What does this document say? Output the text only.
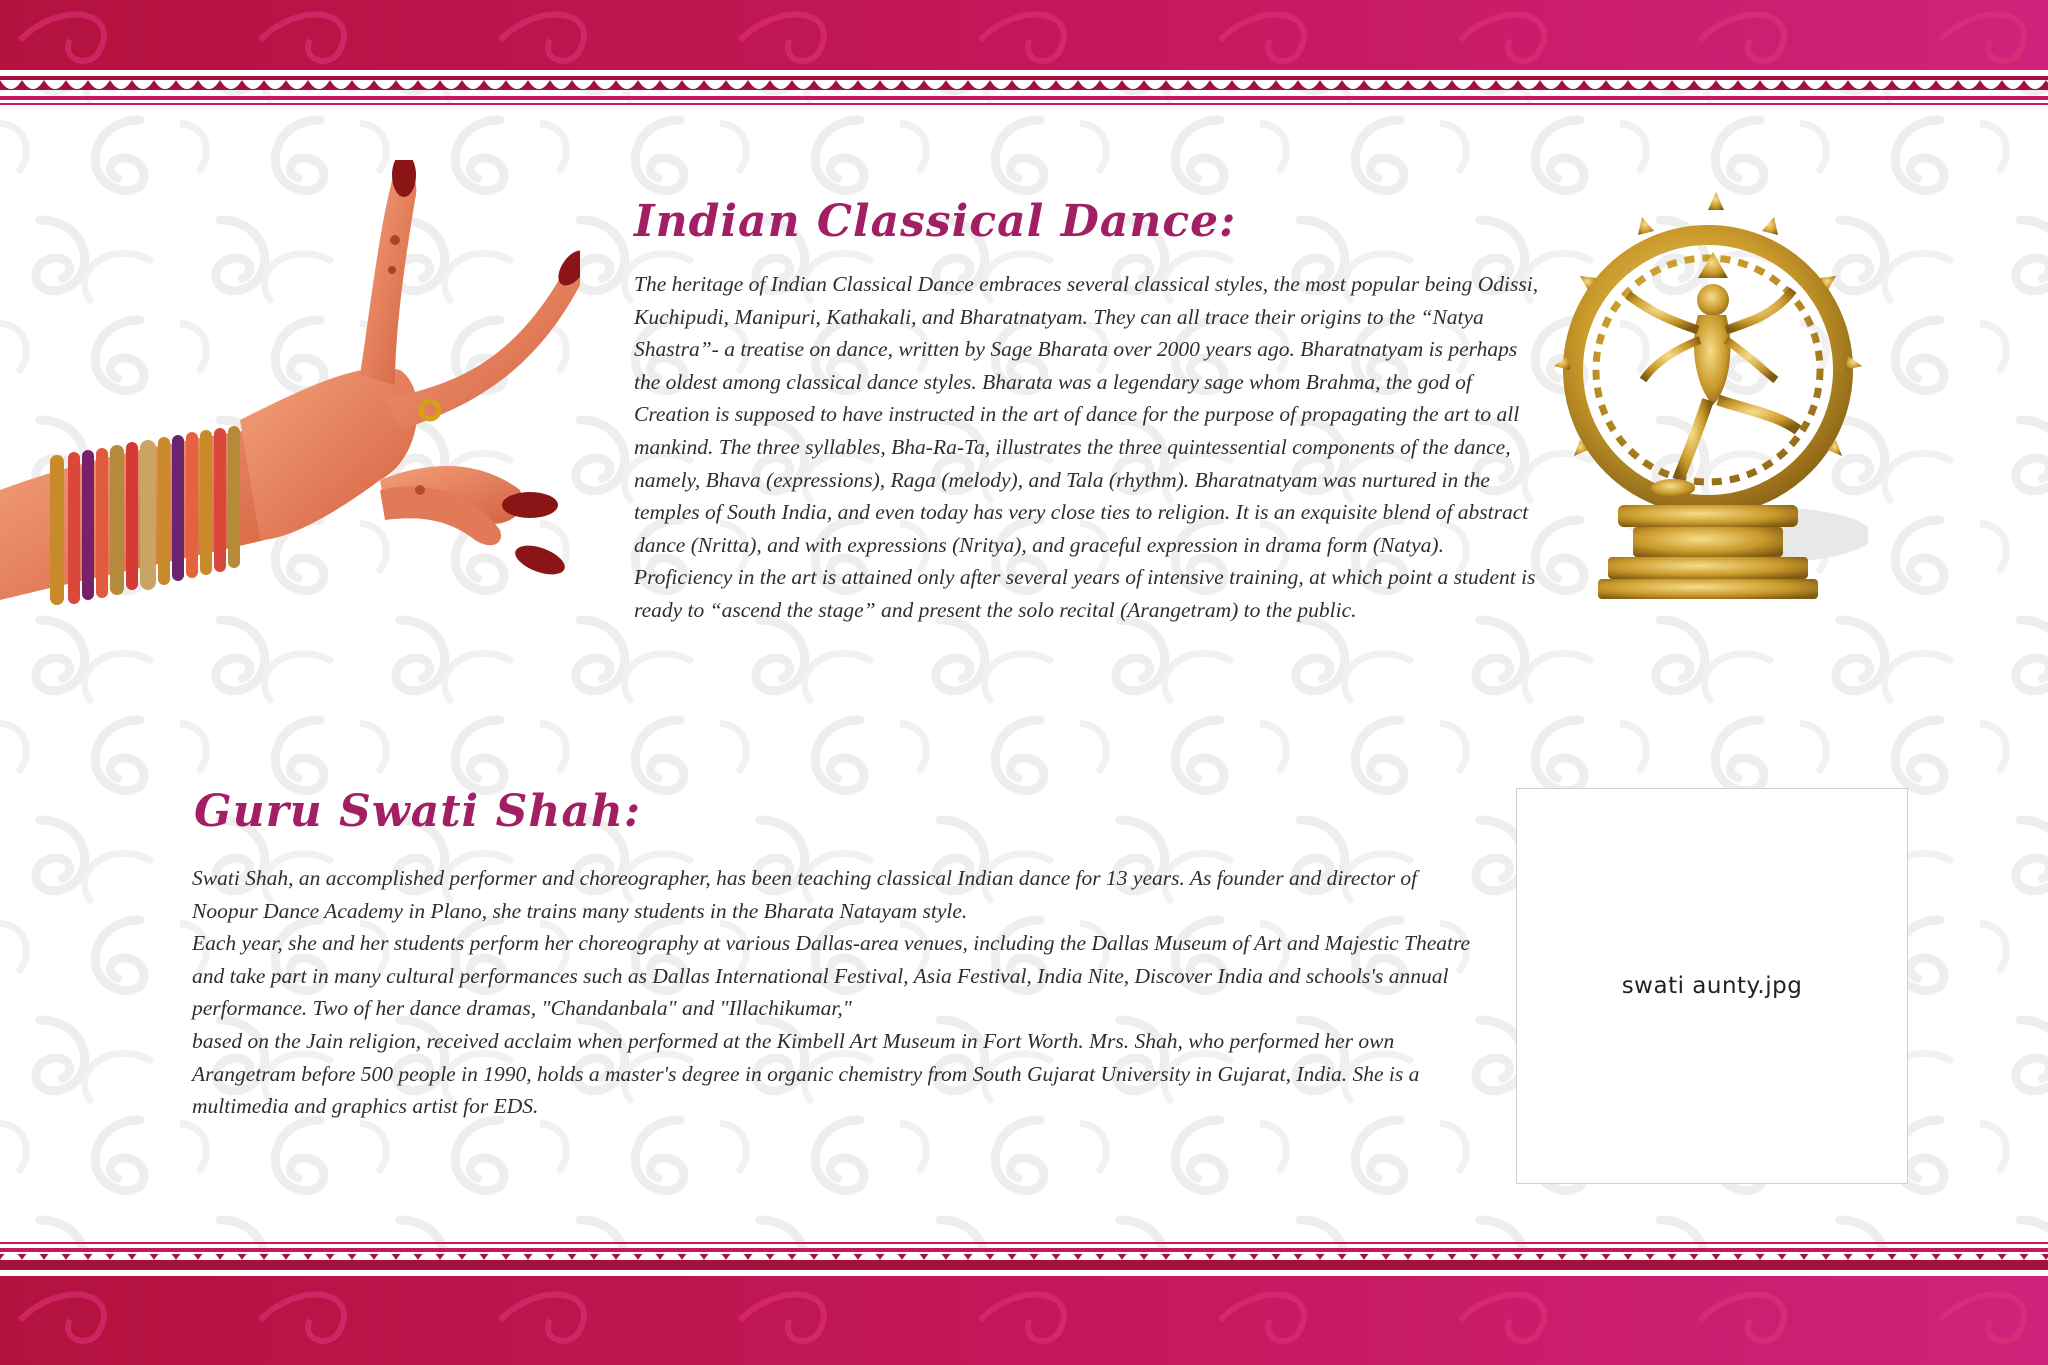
Indian Classical Dance:
The heritage of Indian Classical Dance embraces several classical styles, the most popular being Odissi, Kuchipudi, Manipuri, Kathakali, and Bharatnatyam. They can all trace their origins to the “Natya Shastra”- a treatise on dance, written by Sage Bharata over 2000 years ago. Bharatnatyam is perhaps the oldest among classical dance styles. Bharata was a legendary sage whom Brahma, the god of Creation is supposed to have instructed in the art of dance for the purpose of propagating the art to all mankind. The three syllables, Bha-Ra-Ta, illustrates the three quintessential components of the dance, namely, Bhava (expressions), Raga (melody), and Tala (rhythm). Bharatnatyam was nurtured in the temples of South India, and even today has very close ties to religion. It is an exquisite blend of abstract dance (Nritta), and with expressions (Nritya), and graceful expression in drama form (Natya). Proficiency in the art is attained only after several years of intensive training, at which point a student is ready to “ascend the stage” and present the solo recital (Arangetram) to the public.
Guru Swati Shah:

Swati Shah, an accomplished performer and choreographer, has been teaching classical Indian dance for 13 years. As founder and director of Noopur Dance Academy in Plano, she trains many students in the Bharata Natayam style.

Each year, she and her students perform her choreography at various Dallas-area venues, including the Dallas Museum of Art and Majestic Theatre and take part in many cultural performances such as Dallas International Festival, Asia Festival, India Nite, Discover India and schools's annual performance. Two of her dance dramas, "Chandanbala" and "Illachikumar,"

based on the Jain religion, received acclaim when performed at the Kimbell Art Museum in Fort Worth. Mrs. Shah, who performed her own Arangetram before 500 people in 1990, holds a master's degree in organic chemistry from South Gujarat University in Gujarat, India. She is a multimedia and graphics artist for EDS.

swati aunty.jpg
